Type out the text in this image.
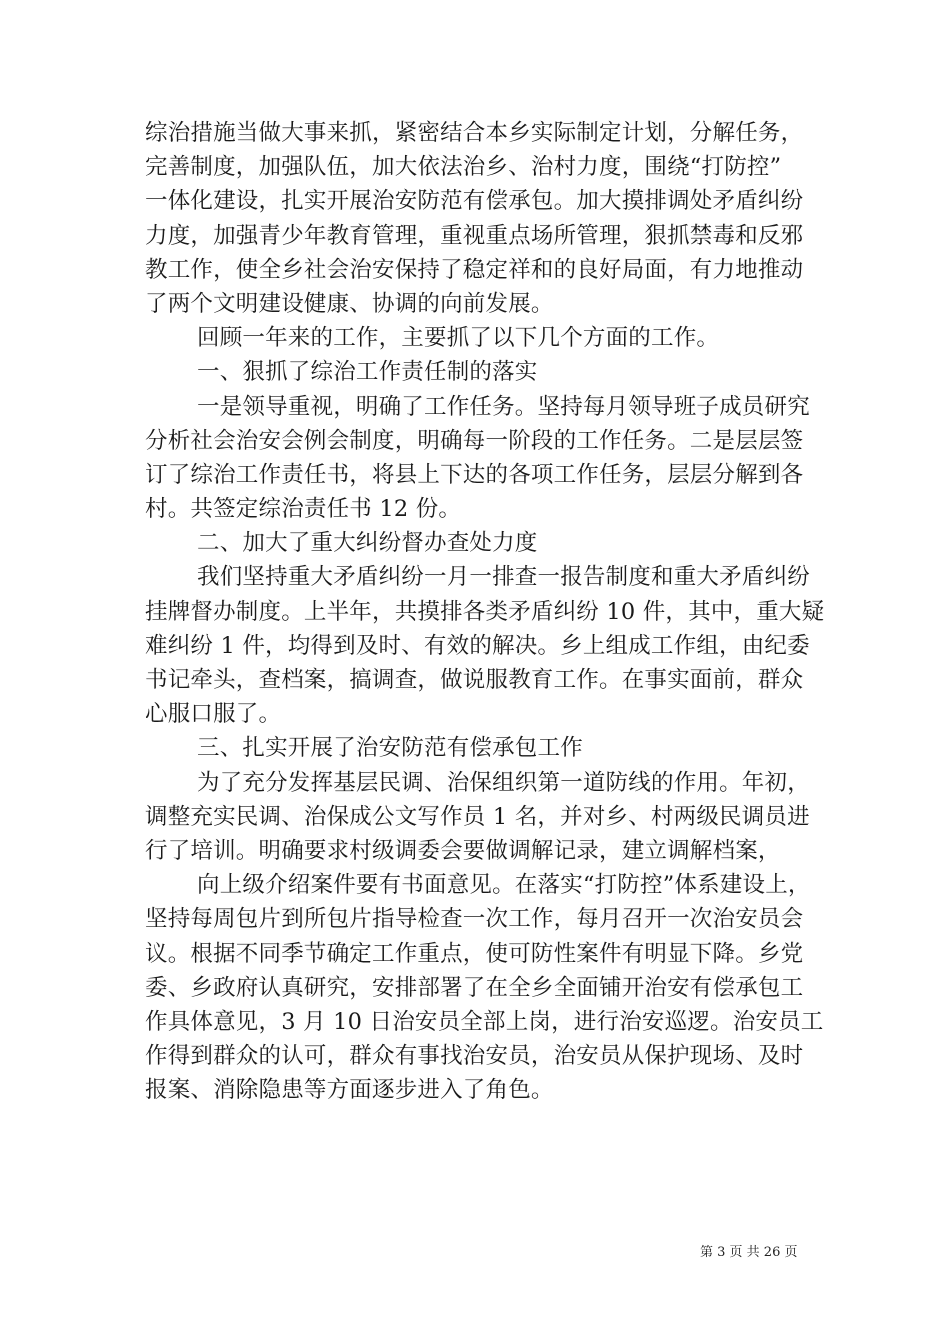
综治措施当做大事来抓，紧密结合本乡实际制定计划，分解任务，
完善制度，加强队伍，加大依法治乡、治村力度，围绕“打防控”
一体化建设，扎实开展治安防范有偿承包。加大摸排调处矛盾纠纷
力度，加强青少年教育管理，重视重点场所管理，狠抓禁毒和反邪
教工作，使全乡社会治安保持了稳定祥和的良好局面，有力地推动
了两个文明建设健康、协调的向前发展。
回顾一年来的工作，主要抓了以下几个方面的工作。
一、狠抓了综治工作责任制的落实
一是领导重视，明确了工作任务。坚持每月领导班子成员研究
分析社会治安会例会制度，明确每一阶段的工作任务。二是层层签
订了综治工作责任书，将县上下达的各项工作任务，层层分解到各
村。共签定综治责任书 12 份。
二、加大了重大纠纷督办查处力度
我们坚持重大矛盾纠纷一月一排查一报告制度和重大矛盾纠纷
挂牌督办制度。上半年，共摸排各类矛盾纠纷 10 件，其中，重大疑
难纠纷 1 件，均得到及时、有效的解决。乡上组成工作组，由纪委
书记牵头，查档案，搞调查，做说服教育工作。在事实面前，群众
心服口服了。
三、扎实开展了治安防范有偿承包工作
为了充分发挥基层民调、治保组织第一道防线的作用。年初，
调整充实民调、治保成公文写作员 1 名，并对乡、村两级民调员进
行了培训。明确要求村级调委会要做调解记录，建立调解档案，
向上级介绍案件要有书面意见。在落实“打防控”体系建设上，
坚持每周包片到所包片指导检查一次工作，每月召开一次治安员会
议。根据不同季节确定工作重点，使可防性案件有明显下降。乡党
委、乡政府认真研究，安排部署了在全乡全面铺开治安有偿承包工
作具体意见，3 月 10 日治安员全部上岗，进行治安巡逻。治安员工
作得到群众的认可，群众有事找治安员，治安员从保护现场、及时
报案、消除隐患等方面逐步进入了角色。
第 3 页 共 26 页
